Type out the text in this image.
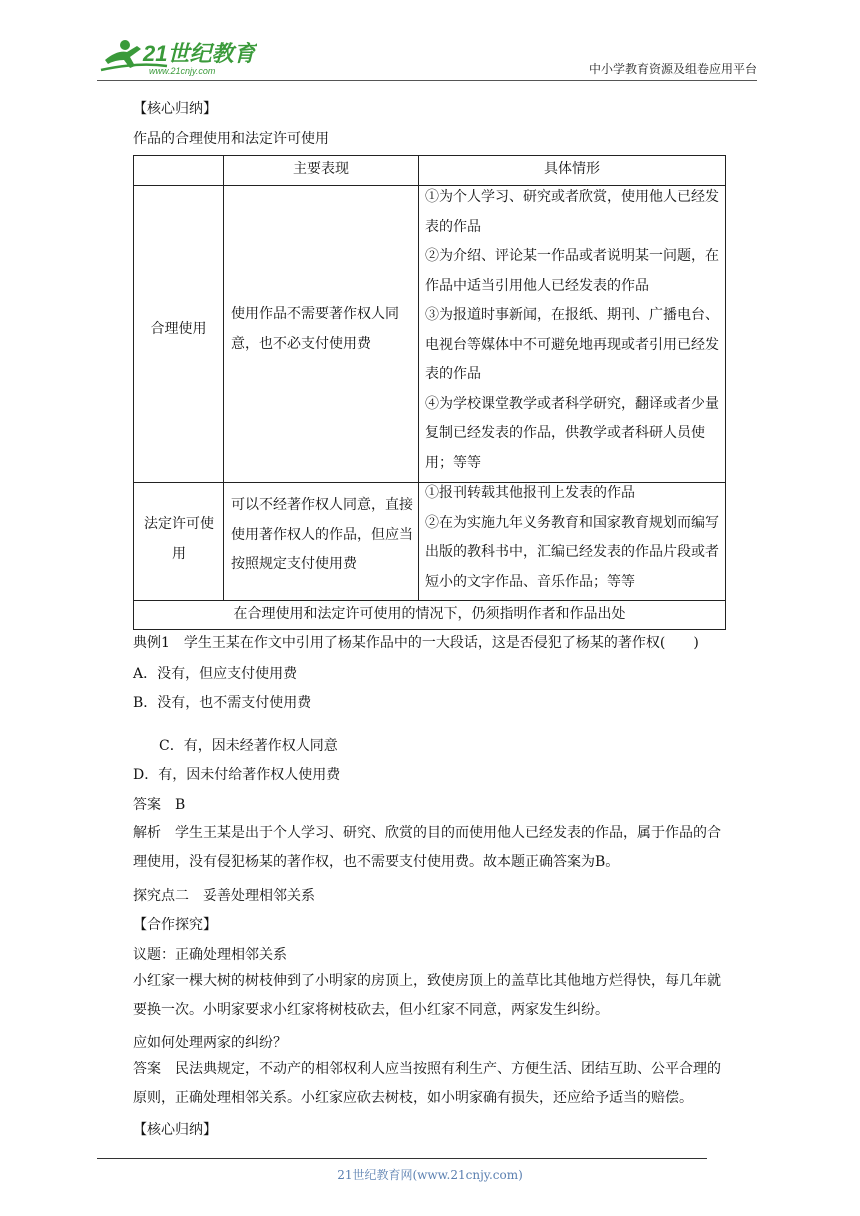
21世纪教育
www.21cnjy.com	中小学教育资源及组卷应用平台
【核心归纳】
作品的合理使用和法定许可使用
主要表现	具体情形
合理使用
使用作品不需要著作权人同意，也不必支付使用费
①为个人学习、研究或者欣赏，使用他人已经发表的作品
②为介绍、评论某一作品或者说明某一问题，在作品中适当引用他人已经发表的作品
③为报道时事新闻，在报纸、期刊、广播电台、电视台等媒体中不可避免地再现或者引用已经发表的作品
④为学校课堂教学或者科学研究，翻译或者少量复制已经发表的作品，供教学或者科研人员使用；等等
法定许可使用
可以不经著作权人同意，直接使用著作权人的作品，但应当按照规定支付使用费
①报刊转载其他报刊上发表的作品
②在为实施九年义务教育和国家教育规划而编写出版的教科书中，汇编已经发表的作品片段或者短小的文字作品、音乐作品；等等
在合理使用和法定许可使用的情况下，仍须指明作者和作品出处
典例1　学生王某在作文中引用了杨某作品中的一大段话，这是否侵犯了杨某的著作权(　　)
A．没有，但应支付使用费
B．没有，也不需支付使用费
C．有，因未经著作权人同意
D．有，因未付给著作权人使用费
答案　B
解析　学生王某是出于个人学习、研究、欣赏的目的而使用他人已经发表的作品，属于作品的合理使用，没有侵犯杨某的著作权，也不需要支付使用费。故本题正确答案为B。
探究点二　妥善处理相邻关系
【合作探究】
议题：正确处理相邻关系
小红家一棵大树的树枝伸到了小明家的房顶上，致使房顶上的盖草比其他地方烂得快，每几年就要换一次。小明家要求小红家将树枝砍去，但小红家不同意，两家发生纠纷。
应如何处理两家的纠纷？
答案　民法典规定，不动产的相邻权利人应当按照有利生产、方便生活、团结互助、公平合理的原则，正确处理相邻关系。小红家应砍去树枝，如小明家确有损失，还应给予适当的赔偿。
【核心归纳】
21世纪教育网(www.21cnjy.com)
